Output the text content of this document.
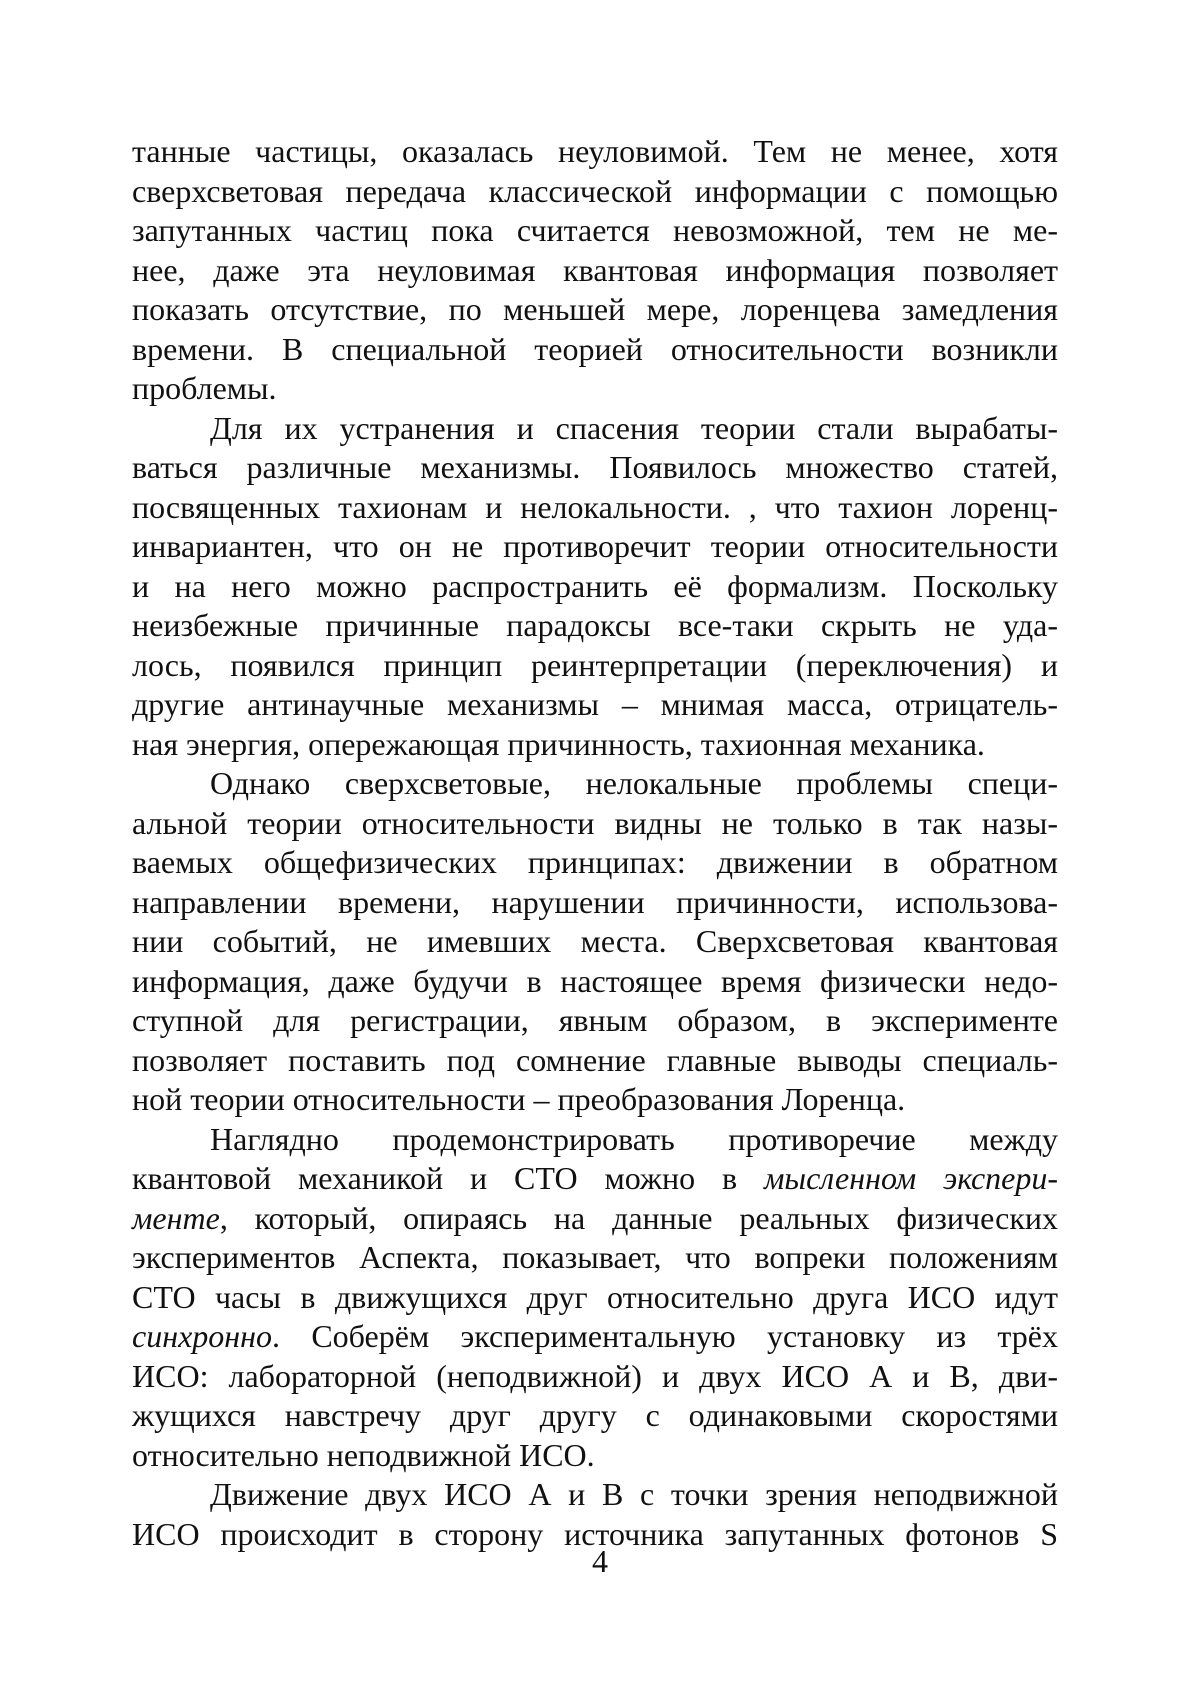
танные частицы, оказалась неуловимой. Тем не менее, хотя
сверхсветовая передача классической информации с помощью
запутанных частиц пока считается невозможной, тем не ме-
нее, даже эта неуловимая квантовая информация позволяет
показать отсутствие, по меньшей мере, лоренцева замедления
времени. В специальной теорией относительности возникли
проблемы.
Для их устранения и спасения теории стали вырабаты-
ваться различные механизмы. Появилось множество статей,
посвященных тахионам и нелокальности. , что тахион лоренц-
инвариантен, что он не противоречит теории относительности
и на него можно распространить её формализм. Поскольку
неизбежные причинные парадоксы все-таки скрыть не уда-
лось, появился принцип реинтерпретации (переключения) и
другие антинаучные механизмы – мнимая масса, отрицатель-
ная энергия, опережающая причинность, тахионная механика.
Однако сверхсветовые, нелокальные проблемы специ-
альной теории относительности видны не только в так назы-
ваемых общефизических принципах: движении в обратном
направлении времени, нарушении причинности, использова-
нии событий, не имевших места. Сверхсветовая квантовая
информация, даже будучи в настоящее время физически недо-
ступной для регистрации, явным образом, в эксперименте
позволяет поставить под сомнение главные выводы специаль-
ной теории относительности – преобразования Лоренца.
Наглядно продемонстрировать противоречие между
квантовой механикой и СТО можно в мысленном экспери-
менте, который, опираясь на данные реальных физических
экспериментов Аспекта, показывает, что вопреки положениям
СТО часы в движущихся друг относительно друга ИСО идут
синхронно. Соберём экспериментальную установку из трёх
ИСО: лабораторной (неподвижной) и двух ИСО А и В, дви-
жущихся навстречу друг другу с одинаковыми скоростями
относительно неподвижной ИСО.
Движение двух ИСО А и В с точки зрения неподвижной
ИСО происходит в сторону источника запутанных фотонов S
4
